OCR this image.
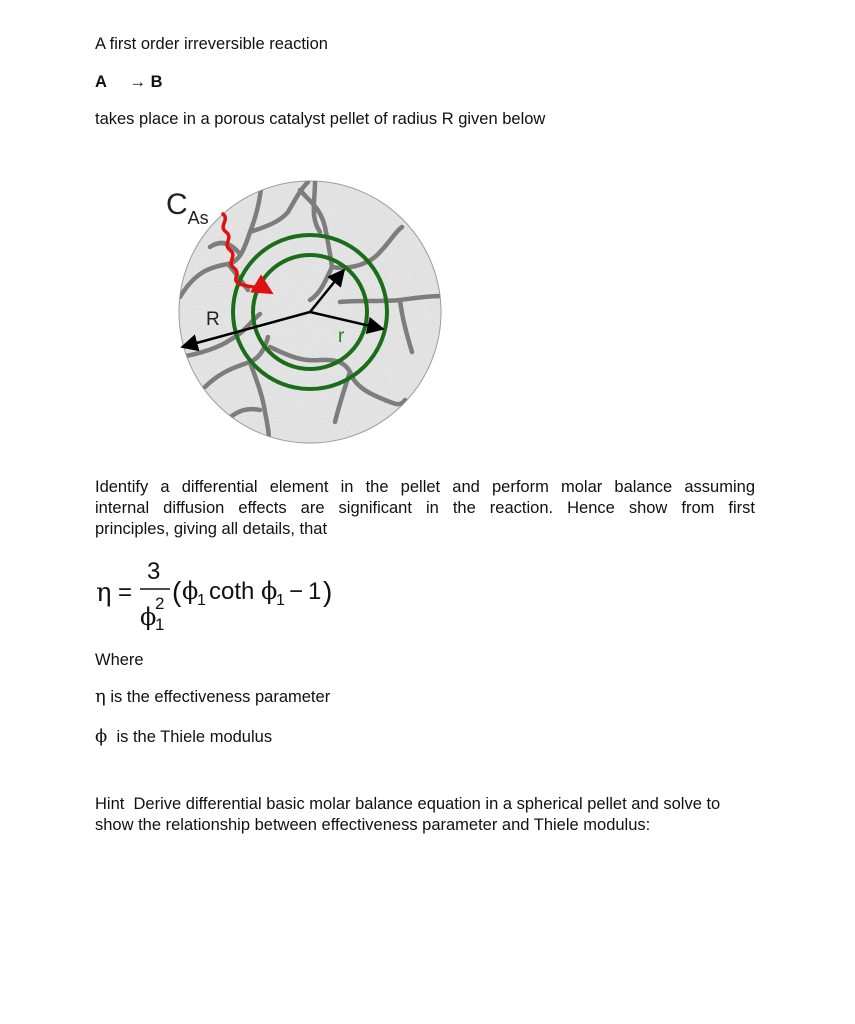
A first order irreversible reaction

A → B

takes place in a porous catalyst pellet of radius R given below

$C_{As}$
R
r

Identify a differential element in the pellet and perform molar balance assuming

internal diffusion effects are significant in the reaction. Hence show from first

principles, giving all details, that

η =
3
ϕ
2
1
( ϕ
1 coth ϕ
1 − 1 )

Where

η is the effectiveness parameter

ϕ  is the Thiele modulus

Hint  Derive differential basic molar balance equation in a spherical pellet and solve to

show the relationship between effectiveness parameter and Thiele modulus:
